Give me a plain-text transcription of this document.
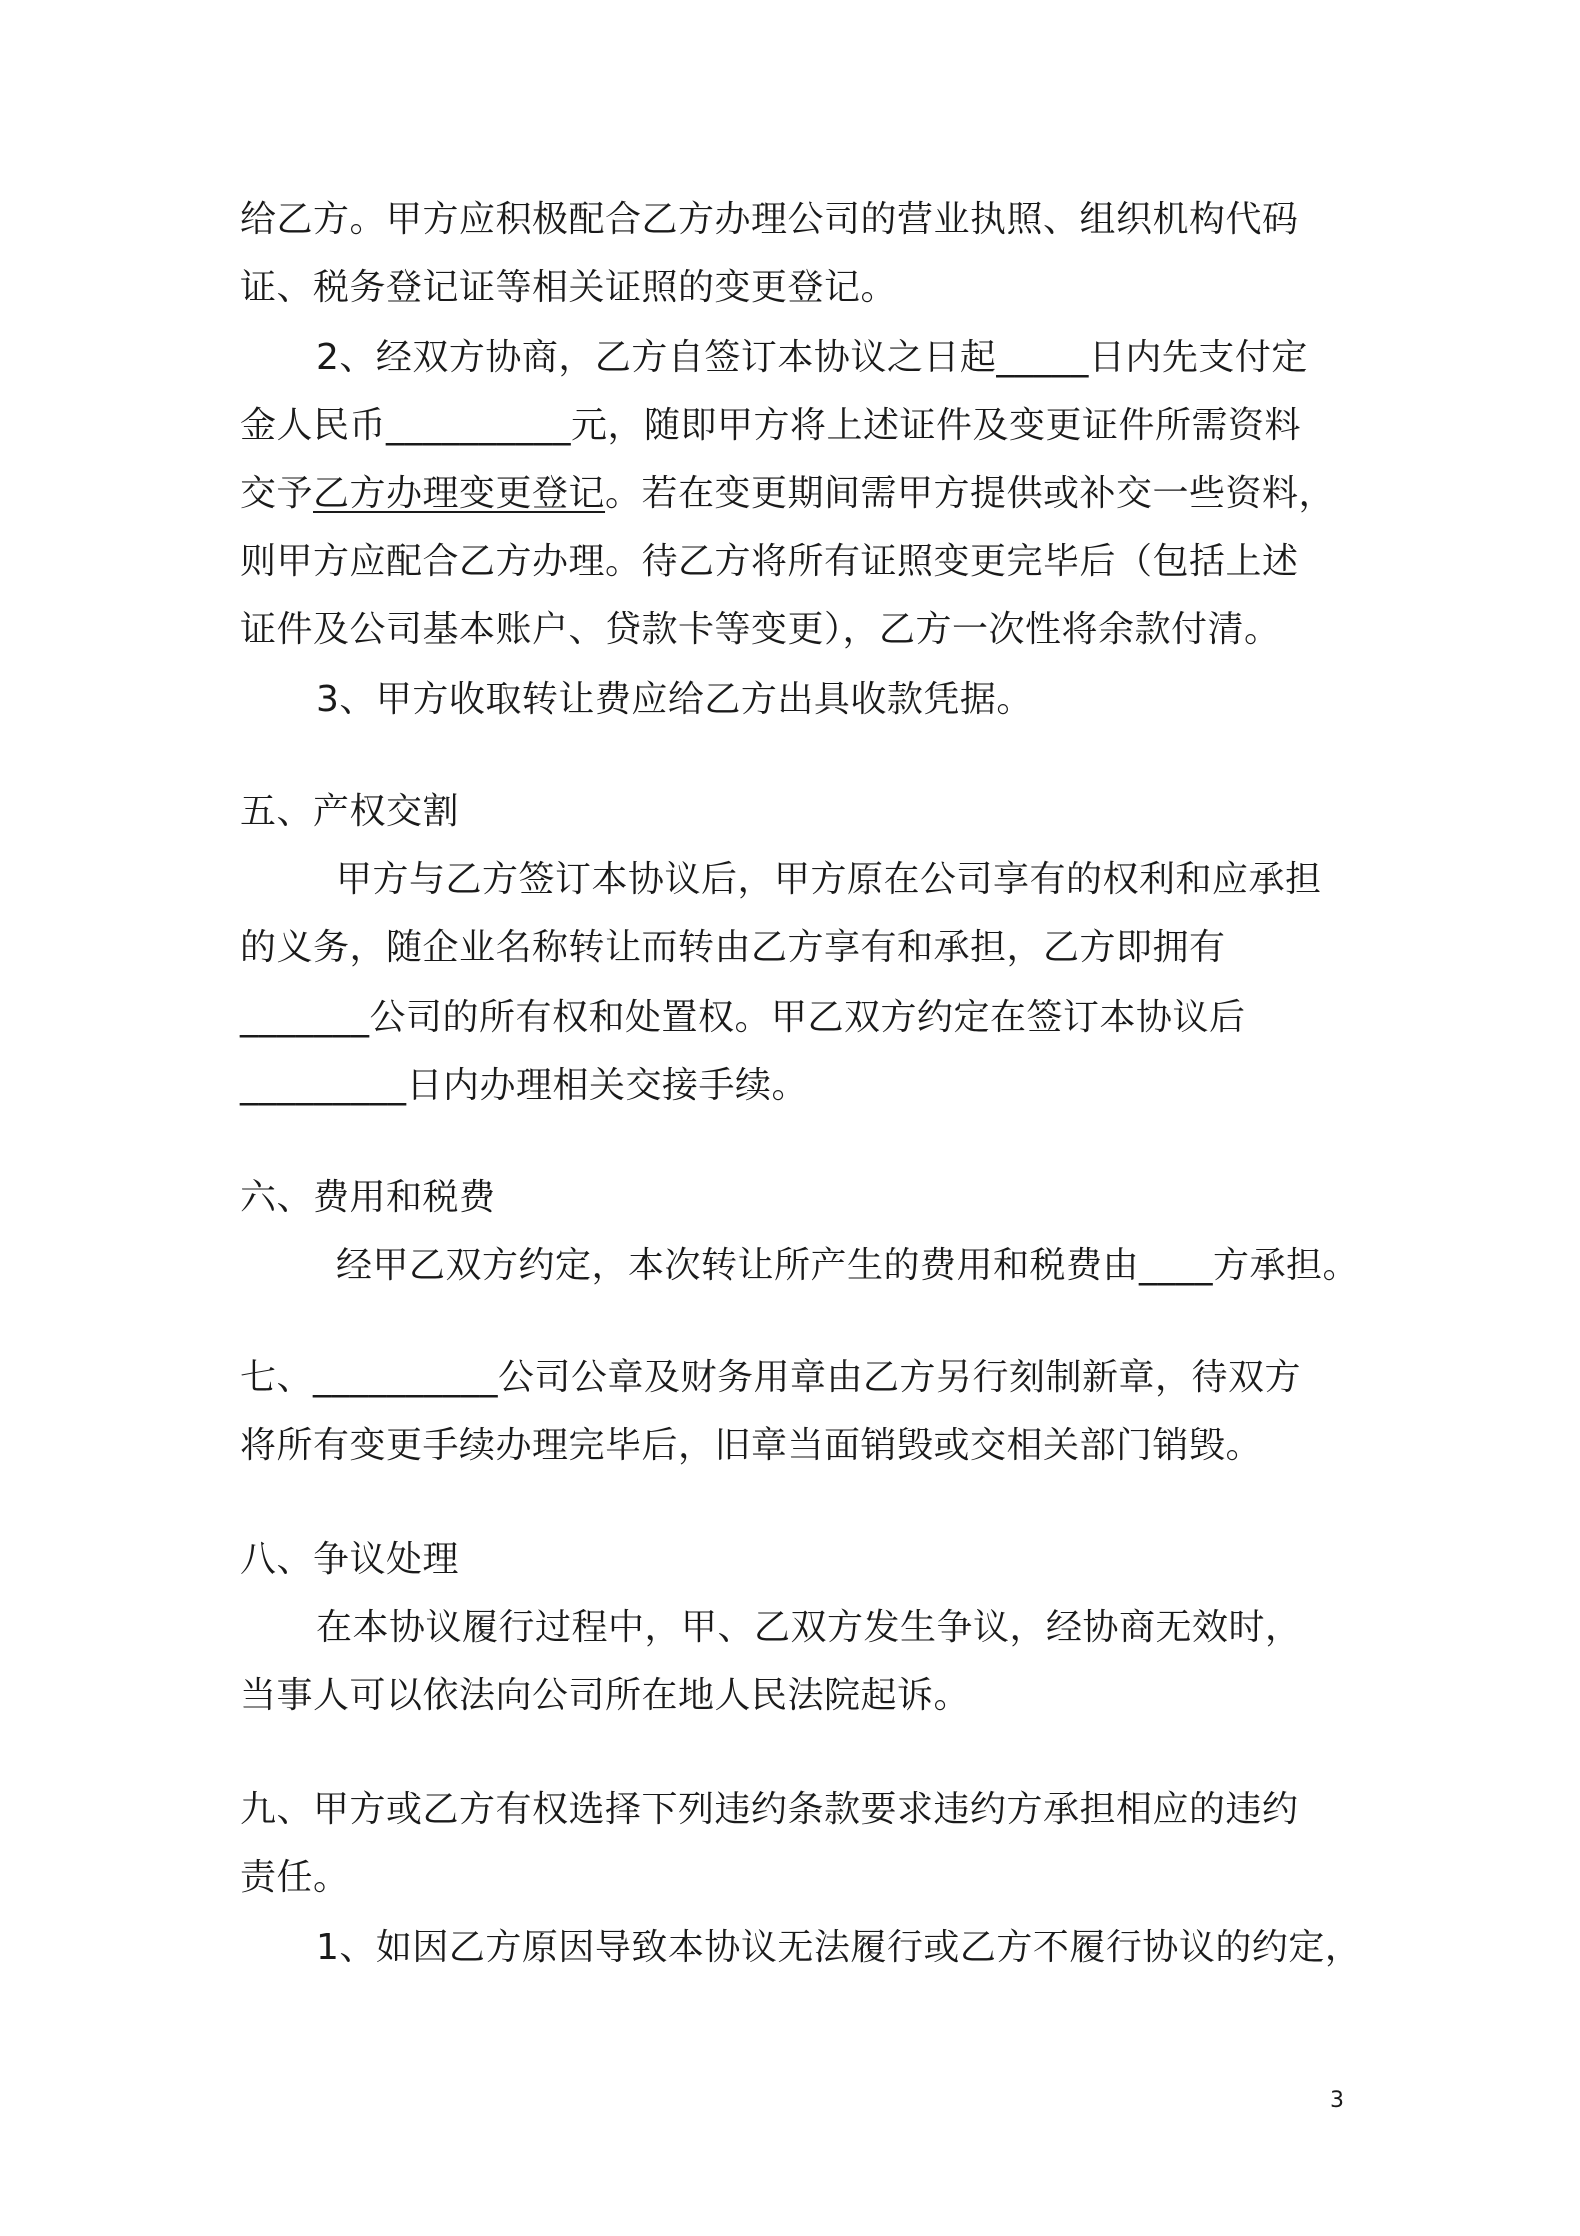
给乙方。甲方应积极配合乙方办理公司的营业执照、组织机构代码
证、税务登记证等相关证照的变更登记。
2、经双方协商，乙方自签订本协议之日起_____日内先支付定
金人民币__________元，随即甲方将上述证件及变更证件所需资料
交予乙方办理变更登记。若在变更期间需甲方提供或补交一些资料，
则甲方应配合乙方办理。待乙方将所有证照变更完毕后（包括上述
证件及公司基本账户、贷款卡等变更），乙方一次性将余款付清。
3、甲方收取转让费应给乙方出具收款凭据。
五、产权交割
甲方与乙方签订本协议后，甲方原在公司享有的权利和应承担
的义务，随企业名称转让而转由乙方享有和承担，乙方即拥有
_______公司的所有权和处置权。甲乙双方约定在签订本协议后
_________日内办理相关交接手续。
六、费用和税费
经甲乙双方约定，本次转让所产生的费用和税费由____方承担。
七、__________公司公章及财务用章由乙方另行刻制新章，待双方
将所有变更手续办理完毕后，旧章当面销毁或交相关部门销毁。
八、争议处理
在本协议履行过程中，甲、乙双方发生争议，经协商无效时，
当事人可以依法向公司所在地人民法院起诉。
九、甲方或乙方有权选择下列违约条款要求违约方承担相应的违约
责任。
1、如因乙方原因导致本协议无法履行或乙方不履行协议的约定，
3
